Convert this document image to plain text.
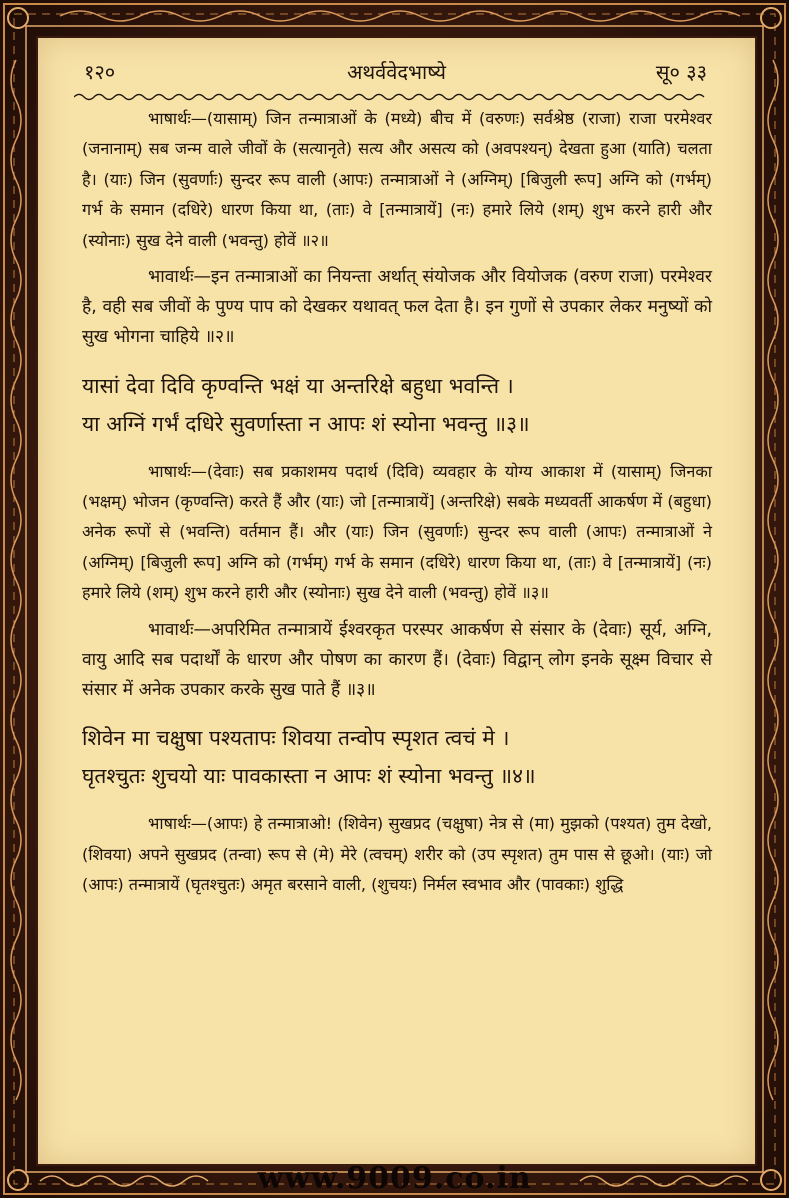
१२०	अथर्ववेदभाष्ये	सू० ३३

भाषार्थः—(यासाम्) जिन तन्मात्राओं के (मध्ये) बीच में (वरुणः) सर्वश्रेष्ठ (राजा) राजा परमेश्वर (जनानाम्) सब जन्म वाले जीवों के (सत्यानृते) सत्य और असत्य को (अवपश्यन्) देखता हुआ (याति) चलता है। (याः) जिन (सुवर्णाः) सुन्दर रूप वाली (आपः) तन्मात्राओं ने (अग्निम्) [बिजुली रूप] अग्नि को (गर्भम्) गर्भ के समान (दधिरे) धारण किया था, (ताः) वे [तन्मात्रायें] (नः) हमारे लिये (शम्) शुभ करने हारी और (स्योनाः) सुख देने वाली (भवन्तु) होवें ॥२॥

भावार्थः—इन तन्मात्राओं का नियन्ता अर्थात् संयोजक और वियोजक (वरुण राजा) परमेश्वर है, वही सब जीवों के पुण्य पाप को देखकर यथावत् फल देता है। इन गुणों से उपकार लेकर मनुष्यों को सुख भोगना चाहिये ॥२॥

यासां देवा दिवि कृण्वन्ति भक्षं या अन्तरिक्षे बहुधा भवन्ति ।

या अग्निं गर्भं दधिरे सुवर्णास्ता न आपः शं स्योना भवन्तु ॥३॥

भाषार्थः—(देवाः) सब प्रकाशमय पदार्थ (दिवि) व्यवहार के योग्य आकाश में (यासाम्) जिनका (भक्षम्) भोजन (कृण्वन्ति) करते हैं और (याः) जो [तन्मात्रायें] (अन्तरिक्षे) सबके मध्यवर्ती आकर्षण में (बहुधा) अनेक रूपों से (भवन्ति) वर्तमान हैं। और (याः) जिन (सुवर्णाः) सुन्दर रूप वाली (आपः) तन्मात्राओं ने (अग्निम्) [बिजुली रूप] अग्नि को (गर्भम्) गर्भ के समान (दधिरे) धारण किया था, (ताः) वे [तन्मात्रायें] (नः) हमारे लिये (शम्) शुभ करने हारी और (स्योनाः) सुख देने वाली (भवन्तु) होवें ॥३॥

भावार्थः—अपरिमित तन्मात्रायें ईश्वरकृत परस्पर आकर्षण से संसार के (देवाः) सूर्य, अग्नि, वायु आदि सब पदार्थों के धारण और पोषण का कारण हैं। (देवाः) विद्वान् लोग इनके सूक्ष्म विचार से संसार में अनेक उपकार करके सुख पाते हैं ॥३॥

शिवेन मा चक्षुषा पश्यतापः शिवया तन्वोप स्पृशत त्वचं मे ।

घृतश्चुतः शुचयो याः पावकास्ता न आपः शं स्योना भवन्तु ॥४॥

भाषार्थः—(आपः) हे तन्मात्राओ! (शिवेन) सुखप्रद (चक्षुषा) नेत्र से (मा) मुझको (पश्यत) तुम देखो, (शिवया) अपने सुखप्रद (तन्वा) रूप से (मे) मेरे (त्वचम्) शरीर को (उप स्पृशत) तुम पास से छूओ। (याः) जो (आपः) तन्मात्रायें (घृतश्चुतः) अमृत बरसाने वाली, (शुचयः) निर्मल स्वभाव और (पावकाः) शुद्धि

www.9009.co.in
